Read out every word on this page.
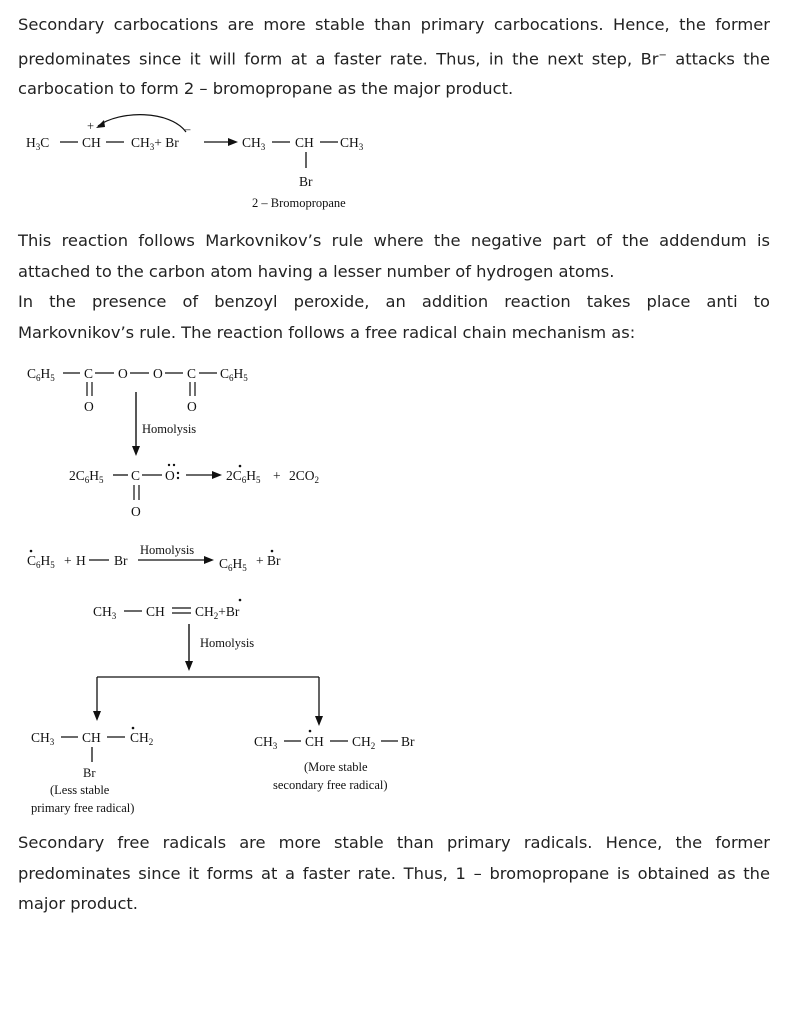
Secondary carbocations are more stable than primary carbocations. Hence, the former
predominates since it will form at a faster rate. Thus, in the next step, Br− attacks the
carbocation to form 2 – bromopropane as the major product.
$H_3C$
+
CH $CH_3+ Br$
−
$CH_3$ CH $CH_3$
Br
2 – Bromopropane
This reaction follows Markovnikov’s rule where the negative part of the addendum is
attached to the carbon atom having a lesser number of hydrogen atoms.
In the presence of benzoyl peroxide, an addition reaction takes place anti to
Markovnikov’s rule. The reaction follows a free radical chain mechanism as:
$C_6H_5$ C O O C $C_6H_5$
O	O
Homolysis
$2C_6H_5$ C O
O
$2C_6H_5 + 2CO_2$
$C_6H_5 + H$ Br
Homolysis
$C_6H_5 + Br$
$CH_3$ CH $CH_2+Br$
Homolysis
$CH_3$ CH $CH_2$
Br
(Less stable
primary free radical)
$CH_3$ CH $CH_2$ Br
(More stable
secondary free radical)
Secondary free radicals are more stable than primary radicals. Hence, the former
predominates since it forms at a faster rate. Thus, 1 – bromopropane is obtained as the
major product.
